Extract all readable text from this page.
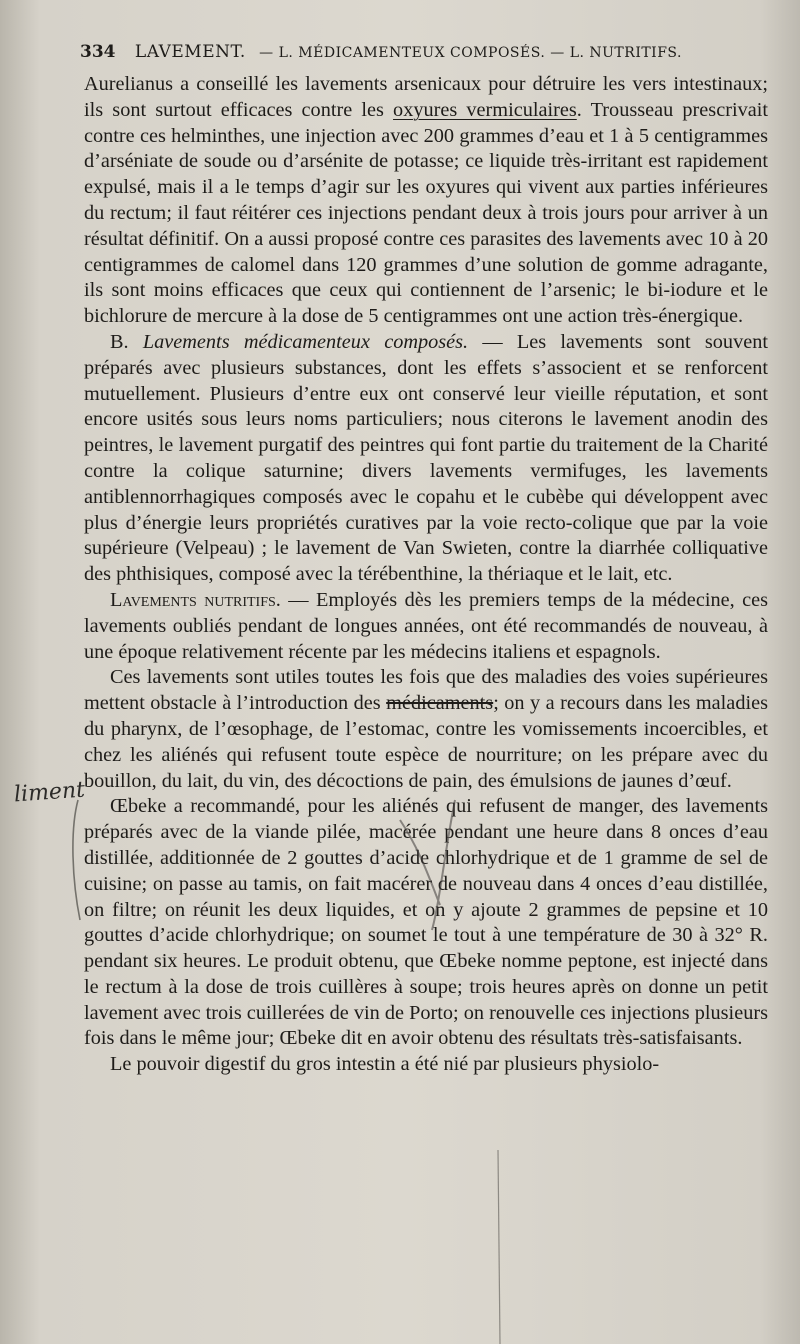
334 LAVEMENT. — L. MÉDICAMENTEUX COMPOSÉS. — L. NUTRITIFS.

Aurelianus a conseillé les lavements arsenicaux pour détruire les vers intestinaux; ils sont surtout efficaces contre les oxyures vermiculaires. Trousseau prescrivait contre ces helminthes, une injection avec 200 grammes d’eau et 1 à 5 centigrammes d’arséniate de soude ou d’arsénite de potasse; ce liquide très-irritant est rapidement expulsé, mais il a le temps d’agir sur les oxyures qui vivent aux parties inférieures du rectum; il faut réitérer ces injections pendant deux à trois jours pour arriver à un résultat définitif. On a aussi proposé contre ces parasites des lavements avec 10 à 20 centigrammes de calomel dans 120 grammes d’une solution de gomme adragante, ils sont moins efficaces que ceux qui contiennent de l’arsenic; le bi-iodure et le bichlorure de mercure à la dose de 5 centigrammes ont une action très-énergique.

B. Lavements médicamenteux composés. — Les lavements sont souvent préparés avec plusieurs substances, dont les effets s’associent et se renforcent mutuellement. Plusieurs d’entre eux ont conservé leur vieille réputation, et sont encore usités sous leurs noms particuliers; nous citerons le lavement anodin des peintres, le lavement purgatif des peintres qui font partie du traitement de la Charité contre la colique saturnine; divers lavements vermifuges, les lavements antiblennorrhagiques composés avec le copahu et le cubèbe qui développent avec plus d’énergie leurs propriétés curatives par la voie recto-colique que par la voie supérieure (Velpeau) ; le lavement de Van Swieten, contre la diarrhée colliquative des phthisiques, composé avec la térébenthine, la thériaque et le lait, etc.

Lavements nutritifs. — Employés dès les premiers temps de la médecine, ces lavements oubliés pendant de longues années, ont été recommandés de nouveau, à une époque relativement récente par les médecins italiens et espagnols.

Ces lavements sont utiles toutes les fois que des maladies des voies supérieures mettent obstacle à l’introduction des médicaments; on y a recours dans les maladies du pharynx, de l’œsophage, de l’estomac, contre les vomissements incoercibles, et chez les aliénés qui refusent toute espèce de nourriture; on les prépare avec du bouillon, du lait, du vin, des décoctions de pain, des émulsions de jaunes d’œuf.

Œbeke a recommandé, pour les aliénés qui refusent de manger, des lavements préparés avec de la viande pilée, macérée pendant une heure dans 8 onces d’eau distillée, additionnée de 2 gouttes d’acide chlorhydrique et de 1 gramme de sel de cuisine; on passe au tamis, on fait macérer de nouveau dans 4 onces d’eau distillée, on filtre; on réunit les deux liquides, et on y ajoute 2 grammes de pepsine et 10 gouttes d’acide chlorhydrique; on soumet le tout à une température de 30 à 32° R. pendant six heures. Le produit obtenu, que Œbeke nomme peptone, est injecté dans le rectum à la dose de trois cuillères à soupe; trois heures après on donne un petit lavement avec trois cuillerées de vin de Porto; on renouvelle ces injections plusieurs fois dans le même jour; Œbeke dit en avoir obtenu des résultats très-satisfaisants.

Le pouvoir digestif du gros intestin a été nié par plusieurs physiolo-

liment
